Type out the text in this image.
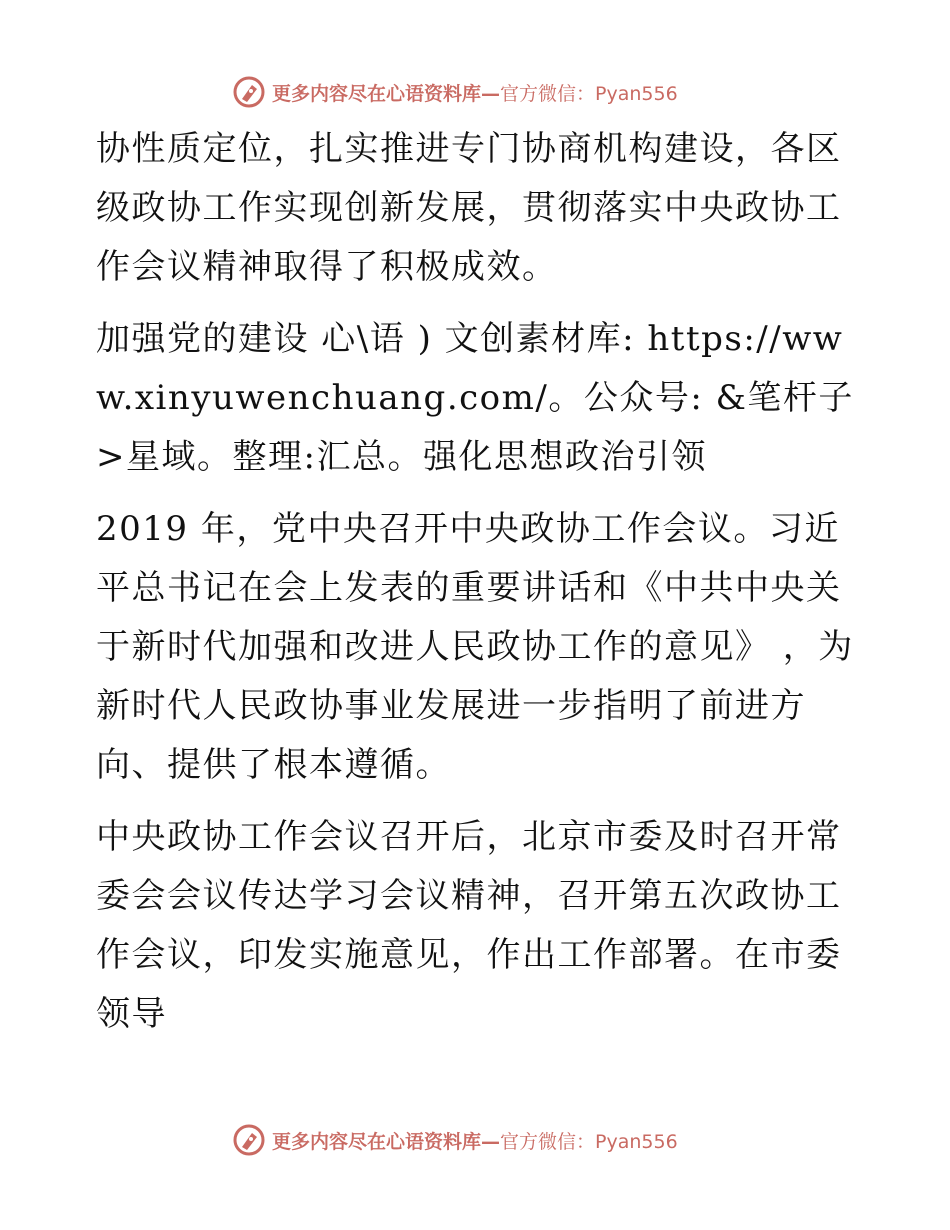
更多内容尽在心语资料库—官方微信：Pyan556

协性质定位，扎实推进专门协商机构建设，各区级政协工作实现创新发展，贯彻落实中央政协工作会议精神取得了积极成效。

加强党的建设 心\语 ) 文创素材库: https://www.xinyuwenchuang.com/。公众号: &笔杆子>星域。整理:汇总。强化思想政治引领

2019 年，党中央召开中央政协工作会议。习近平总书记在会上发表的重要讲话和《中共中央关于新时代加强和改进人民政协工作的意见》 ，为新时代人民政协事业发展进一步指明了前进方向、提供了根本遵循。

中央政协工作会议召开后，北京市委及时召开常委会会议传达学习会议精神，召开第五次政协工作会议，印发实施意见，作出工作部署。在市委领导

更多内容尽在心语资料库—官方微信：Pyan556
